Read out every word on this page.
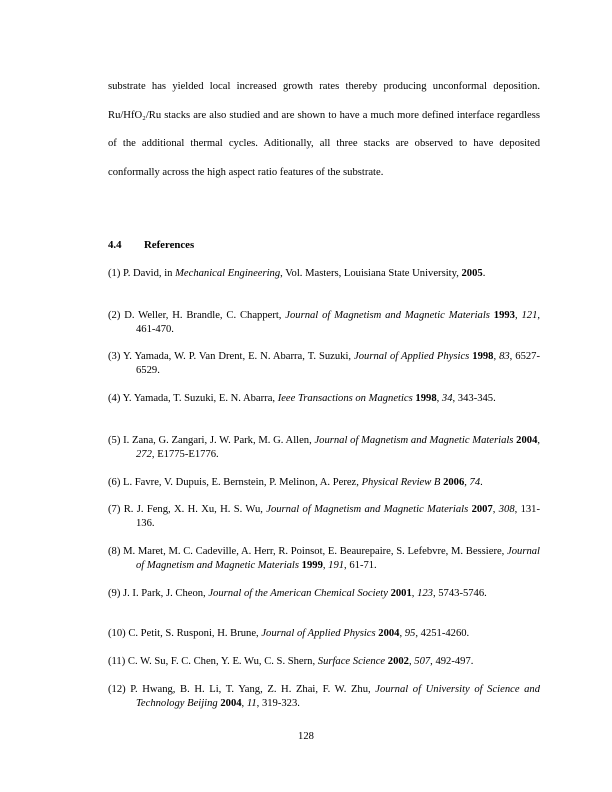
substrate has yielded local increased growth rates thereby producing unconformal deposition. Ru/HfO₂/Ru stacks are also studied and are shown to have a much more defined interface regardless of the additional thermal cycles. Aditionally, all three stacks are observed to have deposited conformally across the high aspect ratio features of the substrate.

4.4 References
(1) P. David, in Mechanical Engineering, Vol. Masters, Louisiana State University, 2005.
(2) D. Weller, H. Brandle, C. Chappert, Journal of Magnetism and Magnetic Materials 1993, 121, 461-470.
(3) Y. Yamada, W. P. Van Drent, E. N. Abarra, T. Suzuki, Journal of Applied Physics 1998, 83, 6527-6529.
(4) Y. Yamada, T. Suzuki, E. N. Abarra, Ieee Transactions on Magnetics 1998, 34, 343-345.
(5) I. Zana, G. Zangari, J. W. Park, M. G. Allen, Journal of Magnetism and Magnetic Materials 2004, 272, E1775-E1776.
(6) L. Favre, V. Dupuis, E. Bernstein, P. Melinon, A. Perez, Physical Review B 2006, 74.
(7) R. J. Feng, X. H. Xu, H. S. Wu, Journal of Magnetism and Magnetic Materials 2007, 308, 131-136.
(8) M. Maret, M. C. Cadeville, A. Herr, R. Poinsot, E. Beaurepaire, S. Lefebvre, M. Bessiere, Journal of Magnetism and Magnetic Materials 1999, 191, 61-71.
(9) J. I. Park, J. Cheon, Journal of the American Chemical Society 2001, 123, 5743-5746.
(10) C. Petit, S. Rusponi, H. Brune, Journal of Applied Physics 2004, 95, 4251-4260.
(11) C. W. Su, F. C. Chen, Y. E. Wu, C. S. Shern, Surface Science 2002, 507, 492-497.
(12) P. Hwang, B. H. Li, T. Yang, Z. H. Zhai, F. W. Zhu, Journal of University of Science and Technology Beijing 2004, 11, 319-323.
128
